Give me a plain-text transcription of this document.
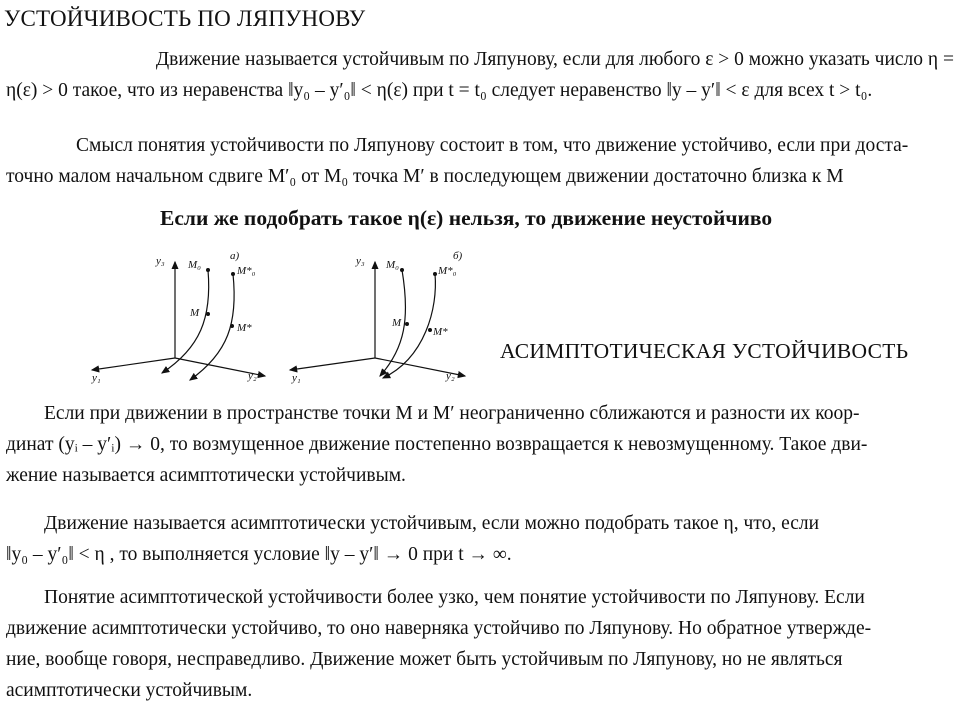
УСТОЙЧИВОСТЬ ПО ЛЯПУНОВУ
Движение называется устойчивым по Ляпунову, если для любого ε > 0 можно указать число η =
η(ε) > 0 такое, что из неравенства ‖y₀ – y′₀‖ < η(ε) при t = t₀ следует неравенство ‖y – y′‖ < ε для всех t > t₀.
Смысл понятия устойчивости по Ляпунову состоит в том, что движение устойчиво, если при доста-
точно малом начальном сдвиге M′₀ от M₀ точка M′ в последующем движении достаточно близка к M
Если же подобрать такое η(ε) нельзя, то движение неустойчиво
y₃ M₀	M*₀
M
M*
а)
y₁	y₂
y₃ M₀	M*₀
M
M*
б)
y₁	y₂
АСИМПТОТИЧЕСКАЯ УСТОЙЧИВОСТЬ
Если при движении в пространстве точки M и M′ неограниченно сближаются и разности их коор-
динат (yᵢ – y′ᵢ) → 0, то возмущенное движение постепенно возвращается к невозмущенному. Такое дви-
жение называется асимптотически устойчивым.
Движение называется асимптотически устойчивым, если можно подобрать такое η, что, если
‖y₀ – y′₀‖ < η , то выполняется условие ‖y – y′‖ → 0 при t → ∞.
Понятие асимптотической устойчивости более узко, чем понятие устойчивости по Ляпунову. Если
движение асимптотически устойчиво, то оно наверняка устойчиво по Ляпунову. Но обратное утвержде-
ние, вообще говоря, несправедливо. Движение может быть устойчивым по Ляпунову, но не являться
асимптотически устойчивым.
